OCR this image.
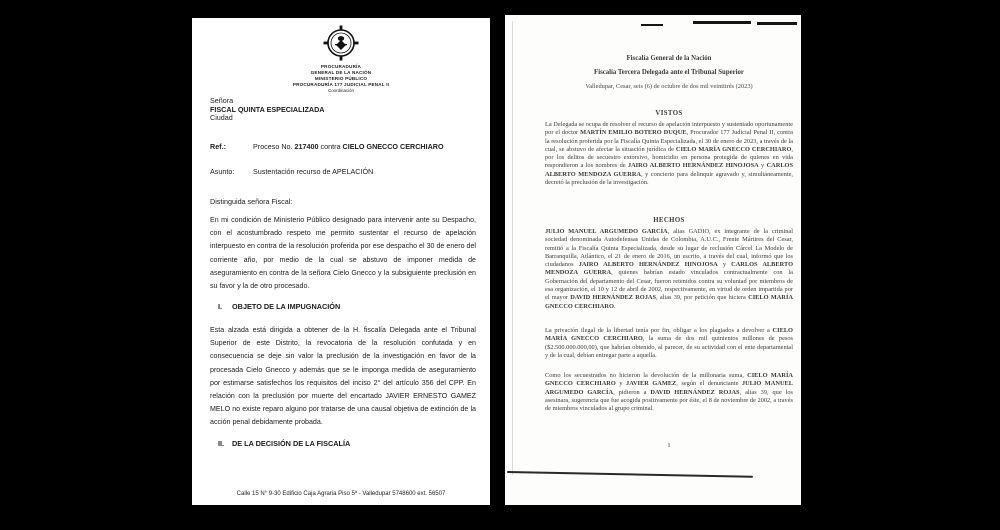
PROCURADURÍA
GENERAL DE LA NACIÓN
MINISTERIO PÚBLICO
PROCURADURÍA 177 JUDICIAL PENAL II
Coordinación
Señora
FISCAL QUINTA ESPECIALIZADA
Ciudad
Ref.:	Proceso No. 217400 contra CIELO GNECCO CERCHIARO
Asunto:	Sustentación recurso de APELACIÓN
Distinguida señora Fiscal:
En mi condición de Ministerio Público designado para intervenir ante su Despacho, con el acostumbrado respeto me permito sustentar el recurso de apelación interpuesto en contra de la resolución proferida por ese despacho el 30 de enero del corriente año, por medio de la cual se abstuvo de imponer medida de aseguramiento en contra de la señora Cielo Gnecco y la subsiguiente preclusión en su favor y la de otro procesado.
I.	OBJETO DE LA IMPUGNACIÓN
Esta alzada está dirigida a obtener de la H. fiscalía Delegada ante el Tribunal Superior de este Distrito, la revocatoria de la resolución confutada y en consecuencia se deje sin valor la preclusión de la investigación en favor de la procesada Cielo Gnecco y además que se le imponga medida de aseguramiento por estimarse satisfechos los requisitos del inciso 2° del artículo 356 del CPP. En relación con la preclusión por muerte del encartado JAVIER ERNESTO GAMEZ MELO no existe reparo alguno por tratarse de una causal objetiva de extinción de la acción penal debidamente probada.
II.	DE LA DECISIÓN DE LA FISCALÍA
Calle 15 N° 9-30 Edificio Caja Agraria Piso 5ª - Valledupar 5748600 ext. 56507
Fiscalía General de la Nación
Fiscalía Tercera Delegada ante el Tribunal Superior
Valledupar, Cesar, seis (6) de octubre de dos mil veintitrés (2023)
VISTOS
La Delegada se ocupa de resolver el recurso de apelación interpuesto y sustentado oportunamente por el doctor MARTÍN EMILIO BOTERO DUQUE, Procurador 177 Judicial Penal II, contra la resolución proferida por la Fiscalía Quinta Especializada, el 30 de enero de 2023, a través de la cual, se abstuvo de afectar la situación jurídica de CIELO MARÍA GNECCO CERCHIARO, por los delitos de secuestro extorsivo, homicidio en persona protegida de quienes en vida respondieron a los nombres de JAIRO ALBERTO HERNÁNDEZ HINOJOSA y CARLOS ALBERTO MENDOZA GUERRA, y concierto para delinquir agravado y, simultáneamente, decretó la preclusión de la investigación.
HECHOS
JULIO MANUEL ARGUMEDO GARCÍA, alias GADIO, ex integrante de la criminal sociedad denominada Autodefensas Unidas de Colombia, A.U.C., Frente Mártires del Cesar, remitió a la Fiscalía Quinta Especializada, desde su lugar de reclusión Cárcel La Modelo de Barranquilla, Atlántico, el 21 de enero de 2016, un escrito, a través del cual, informó que los ciudadanos JAIRO ALBERTO HERNÁNDEZ HINOJOSA y CARLOS ALBERTO MENDOZA GUERRA, quienes habrían estado vinculados contractualmente con la Gobernación del departamento del Cesar, fueron retenidos contra su voluntad por miembros de esa organización, el 10 y 12 de abril de 2002, respectivamente, en virtud de orden impartida por el mayor DAVID HERNÁNDEZ ROJAS, alias 39, por petición que hiciera CIELO MARÍA GNECCO CERCHIARO.
La privación ilegal de la libertad tenía por fin, obligar a los plagiados a devolver a CIELO MARÍA GNECCO CERCHIARO, la suma de dos mil quinientos millones de pesos ($2.500.000.000,00), que habrían obtenido, al parecer, de su actividad con el ente departamental y de la cual, debían entregar parte a aquella.
Como los secuestrados no hicieron la devolución de la millonaria suma, CIELO MARÍA GNECCO CERCHIARO y JAVIER GAMEZ, según el denunciante JULIO MANUEL ARGUMEDO GARCÍA, pidieron a DAVID HERNÁNDEZ ROJAS, alias 39, que los asesinara, sugerencia que fue acogida positivamente por éste, el 8 de noviembre de 2002, a través de miembros vinculados al grupo criminal.
1
